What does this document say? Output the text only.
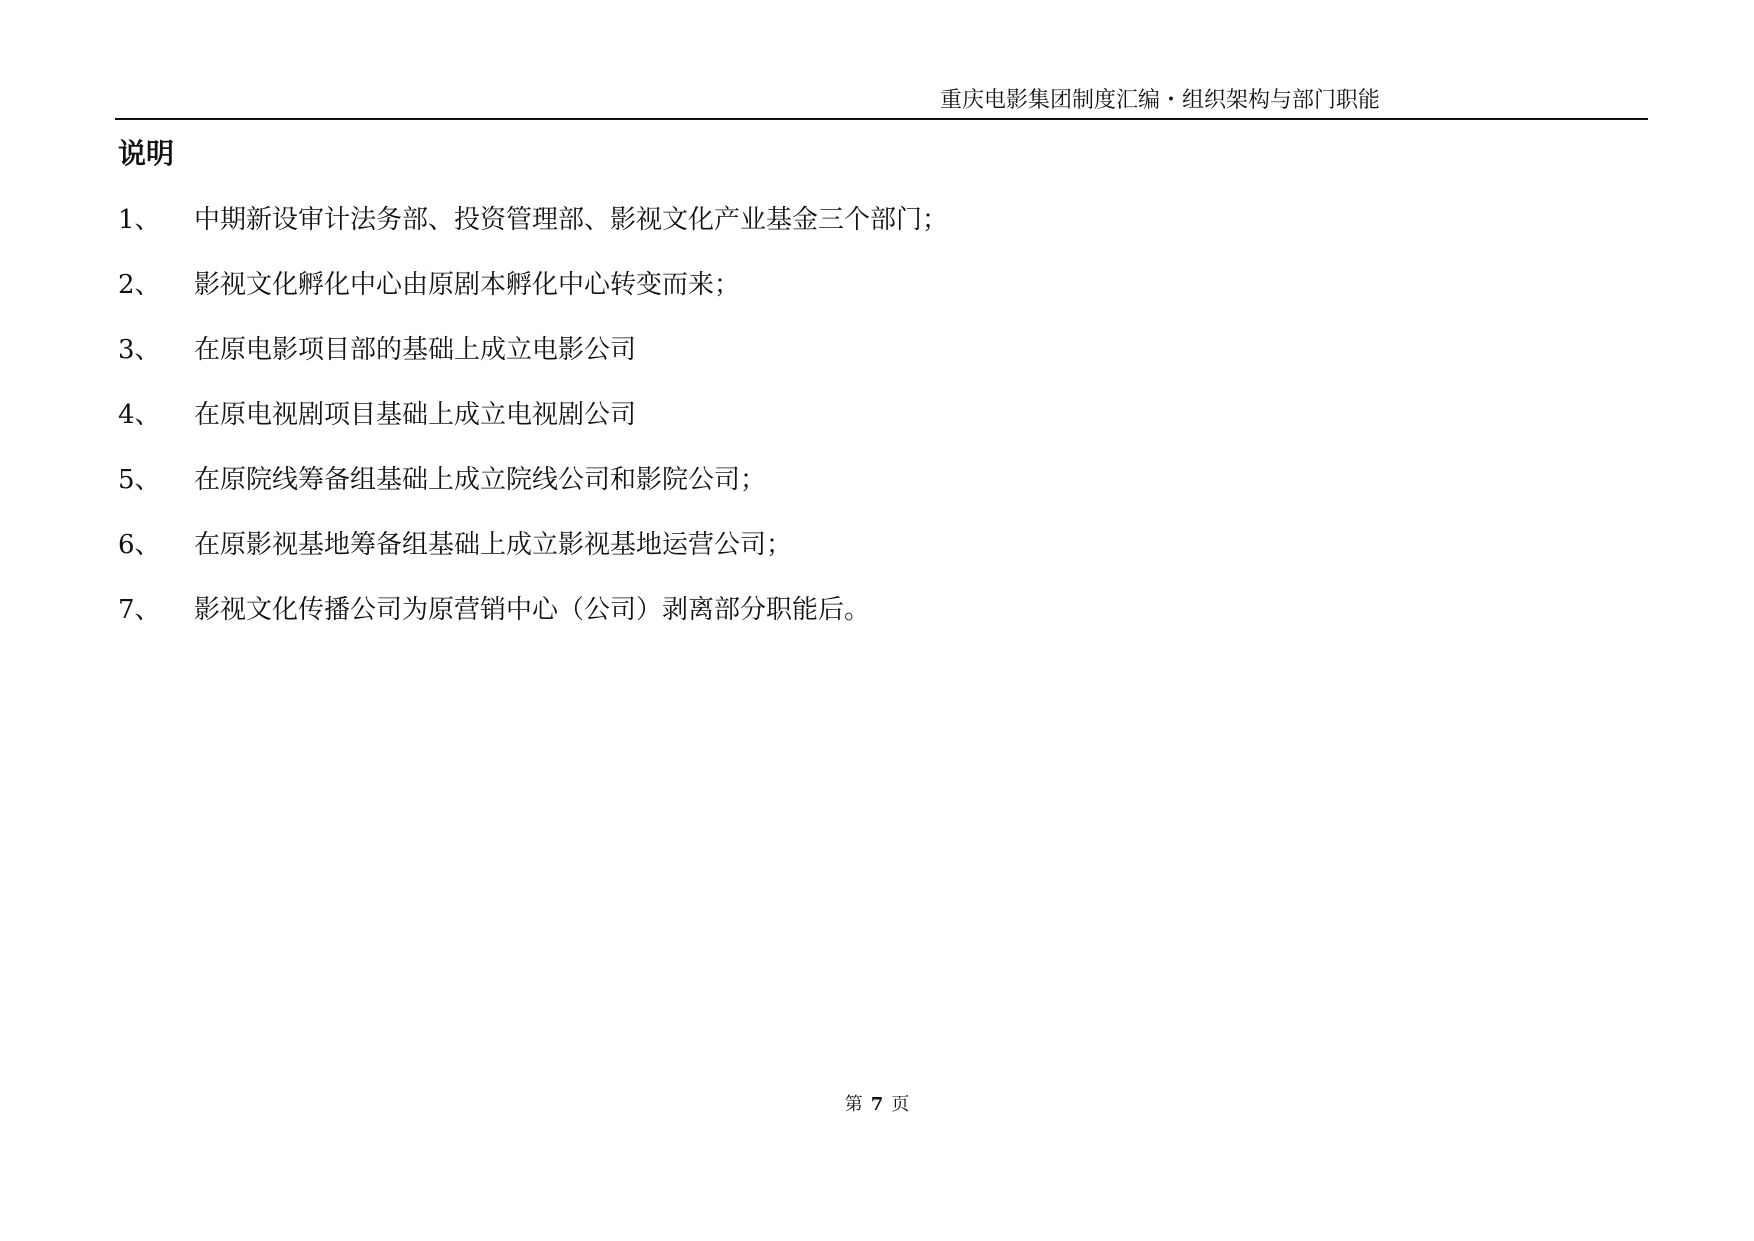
重庆电影集团制度汇编・组织架构与部门职能
说明
1、	中期新设审计法务部、投资管理部、影视文化产业基金三个部门；
2、	影视文化孵化中心由原剧本孵化中心转变而来；
3、	在原电影项目部的基础上成立电影公司
4、	在原电视剧项目基础上成立电视剧公司
5、	在原院线筹备组基础上成立院线公司和影院公司；
6、	在原影视基地筹备组基础上成立影视基地运营公司；
7、	影视文化传播公司为原营销中心（公司）剥离部分职能后。
第 7 页
